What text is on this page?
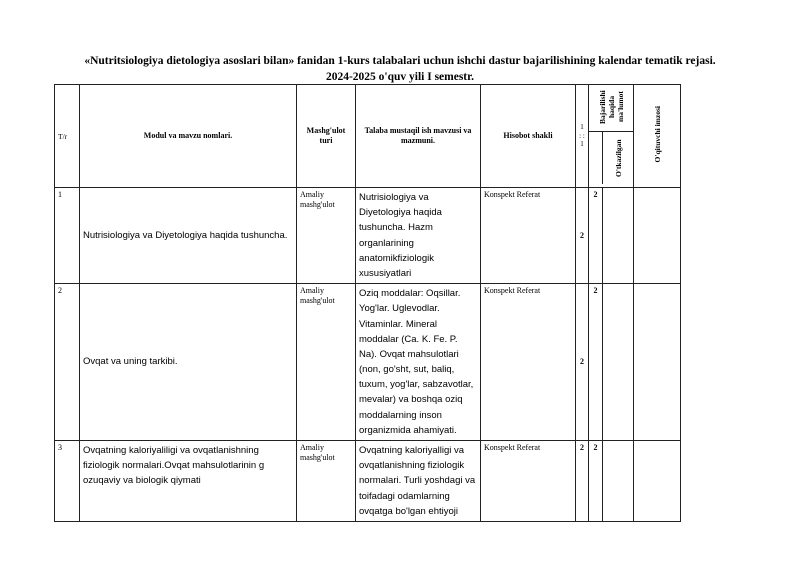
«Nutritsiologiya dietologiya asoslari bilan» fanidan 1-kurs talabalari uchun ishchi dastur bajarilishining kalendar tematik rejasi.
2024-2025 o'quv yili I semestr.
T/r	Modul va mavzu nomlari.	Mashg'ulot turi	Talaba mustaqil ish mavzusi va mazmuni.	Hisobot shakli	1 : : 1	Bajarilishi haqida ma'lumot
O'tkazilgan		O'qituvchi imzosi
1	Nutrisiologiya va Diyetologiya haqida tushuncha.	Amaliy mashg'ulot	Nutrisiologiya va Diyetologiya haqida tushuncha. Hazm organlarining anatomikfiziologik xususiyatlari	Konspekt Referat	2	2		
2	Ovqat va uning tarkibi.	Amaliy mashg'ulot	Oziq moddalar: Oqsillar. Yog'lar. Uglevodlar. Vitaminlar. Mineral moddalar (Ca. K. Fe. P. Na). Ovqat mahsulotlari (non, go'sht, sut, baliq, tuxum, yog'lar, sabzavotlar, mevalar) va boshqa oziq moddalarning inson organizmida ahamiyati.	Konspekt Referat	2	2		
3	Ovqatning kaloriyaliligi va ovqatlanishning fiziologik normalari.Ovqat mahsulotlarinin g ozuqaviy va biologik qiymati	Amaliy mashg'ulot	Ovqatning kaloriyalligi va ovqatlanishning fiziologik normalari. Turli yoshdagi va toifadagi odamlarning ovqatga bo'lgan ehtiyoji	Konspekt Referat	2	2		
